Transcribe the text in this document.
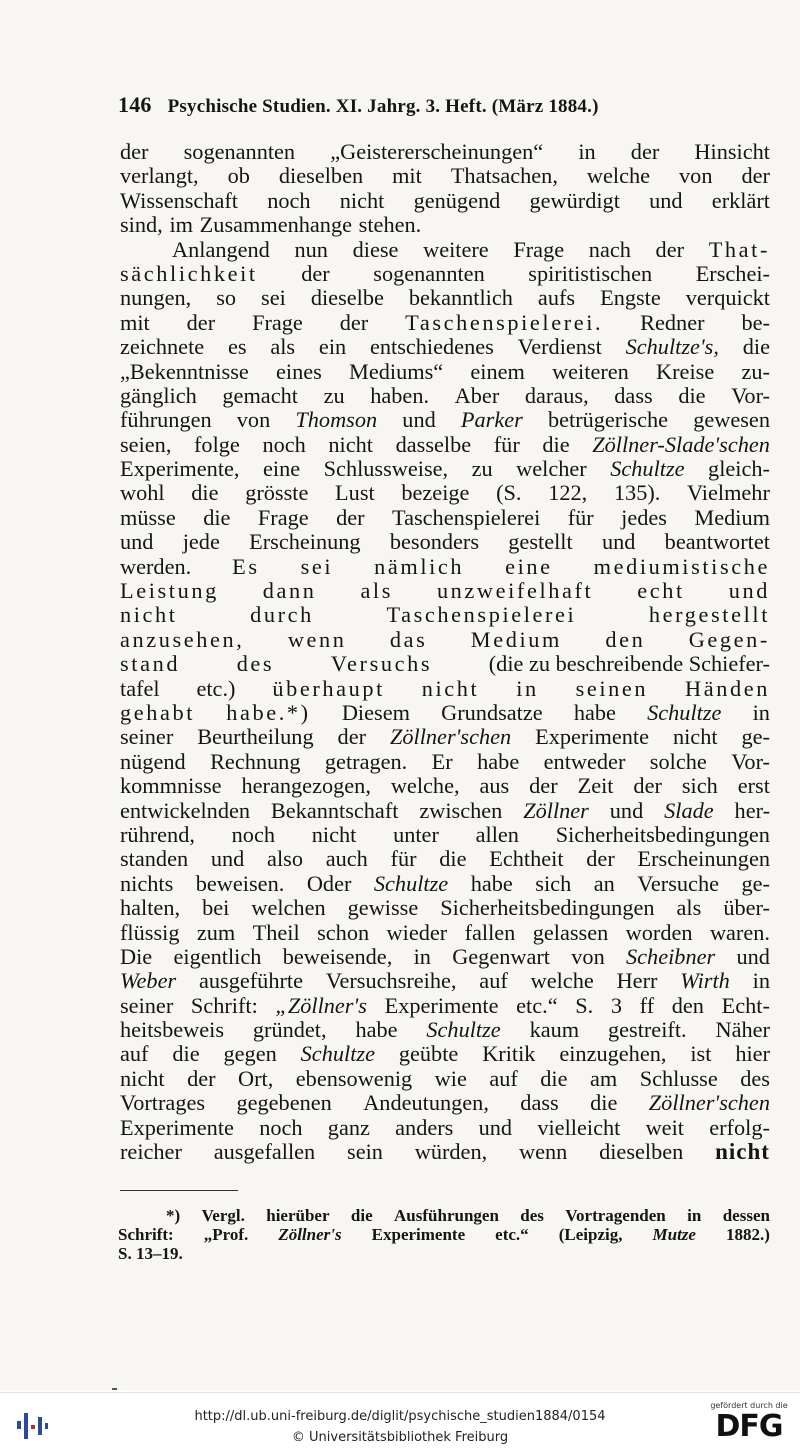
146 Psychische Studien. XI. Jahrg. 3. Heft. (März 1884.)
der sogenannten „Geistererscheinungen“ in der Hinsicht
verlangt, ob dieselben mit Thatsachen, welche von der
Wissenschaft noch nicht genügend gewürdigt und erklärt
sind, im Zusammenhange stehen.
Anlangend nun diese weitere Frage nach der That-
sächlichkeit der sogenannten spiritistischen Erschei-
nungen, so sei dieselbe bekanntlich aufs Engste verquickt
mit der Frage der Taschenspielerei. Redner be-
zeichnete es als ein entschiedenes Verdienst Schultze's, die
„Bekenntnisse eines Mediums“ einem weiteren Kreise zu-
gänglich gemacht zu haben. Aber daraus, dass die Vor-
führungen von Thomson und Parker betrügerische gewesen
seien, folge noch nicht dasselbe für die Zöllner-Slade'schen
Experimente, eine Schlussweise, zu welcher Schultze gleich-
wohl die grösste Lust bezeige (S. 122, 135). Vielmehr
müsse die Frage der Taschenspielerei für jedes Medium
und jede Erscheinung besonders gestellt und beantwortet
werden. Es sei nämlich eine mediumistische
Leistung dann als unzweifelhaft echt und
nicht	durch	Taschenspielerei	hergestellt
anzusehen, wenn das Medium den Gegen-
stand	des	Versuchs	(die zu beschreibende Schiefer-
tafel etc.) überhaupt nicht in seinen Händen
gehabt habe.*) Diesem Grundsatze habe Schultze in
seiner Beurtheilung der Zöllner'schen Experimente nicht ge-
nügend Rechnung getragen. Er habe entweder solche Vor-
kommnisse herangezogen, welche, aus der Zeit der sich erst
entwickelnden Bekanntschaft zwischen Zöllner und Slade her-
rührend, noch nicht unter allen Sicherheitsbedingungen
standen und also auch für die Echtheit der Erscheinungen
nichts beweisen. Oder Schultze habe sich an Versuche ge-
halten, bei welchen gewisse Sicherheitsbedingungen als über-
flüssig zum Theil schon wieder fallen gelassen worden waren.
Die eigentlich beweisende, in Gegenwart von Scheibner und
Weber ausgeführte Versuchsreihe, auf welche Herr Wirth in
seiner Schrift: „Zöllner's Experimente etc.“ S. 3 ff den Echt-
heitsbeweis gründet, habe Schultze kaum gestreift. Näher
auf die gegen Schultze geübte Kritik einzugehen, ist hier
nicht der Ort, ebensowenig wie auf die am Schlusse des
Vortrages gegebenen Andeutungen, dass die Zöllner'schen
Experimente noch ganz anders und vielleicht weit erfolg-
reicher ausgefallen sein würden, wenn dieselben nicht
*) Vergl. hierüber die Ausführungen des Vortragenden in dessen
Schrift: „Prof. Zöllner's Experimente etc.“ (Leipzig, Mutze 1882.)
S. 13–19.
http://dl.ub.uni-freiburg.de/diglit/psychische_studien1884/0154
© Universitätsbibliothek Freiburg
gefördert durch die
DFG
